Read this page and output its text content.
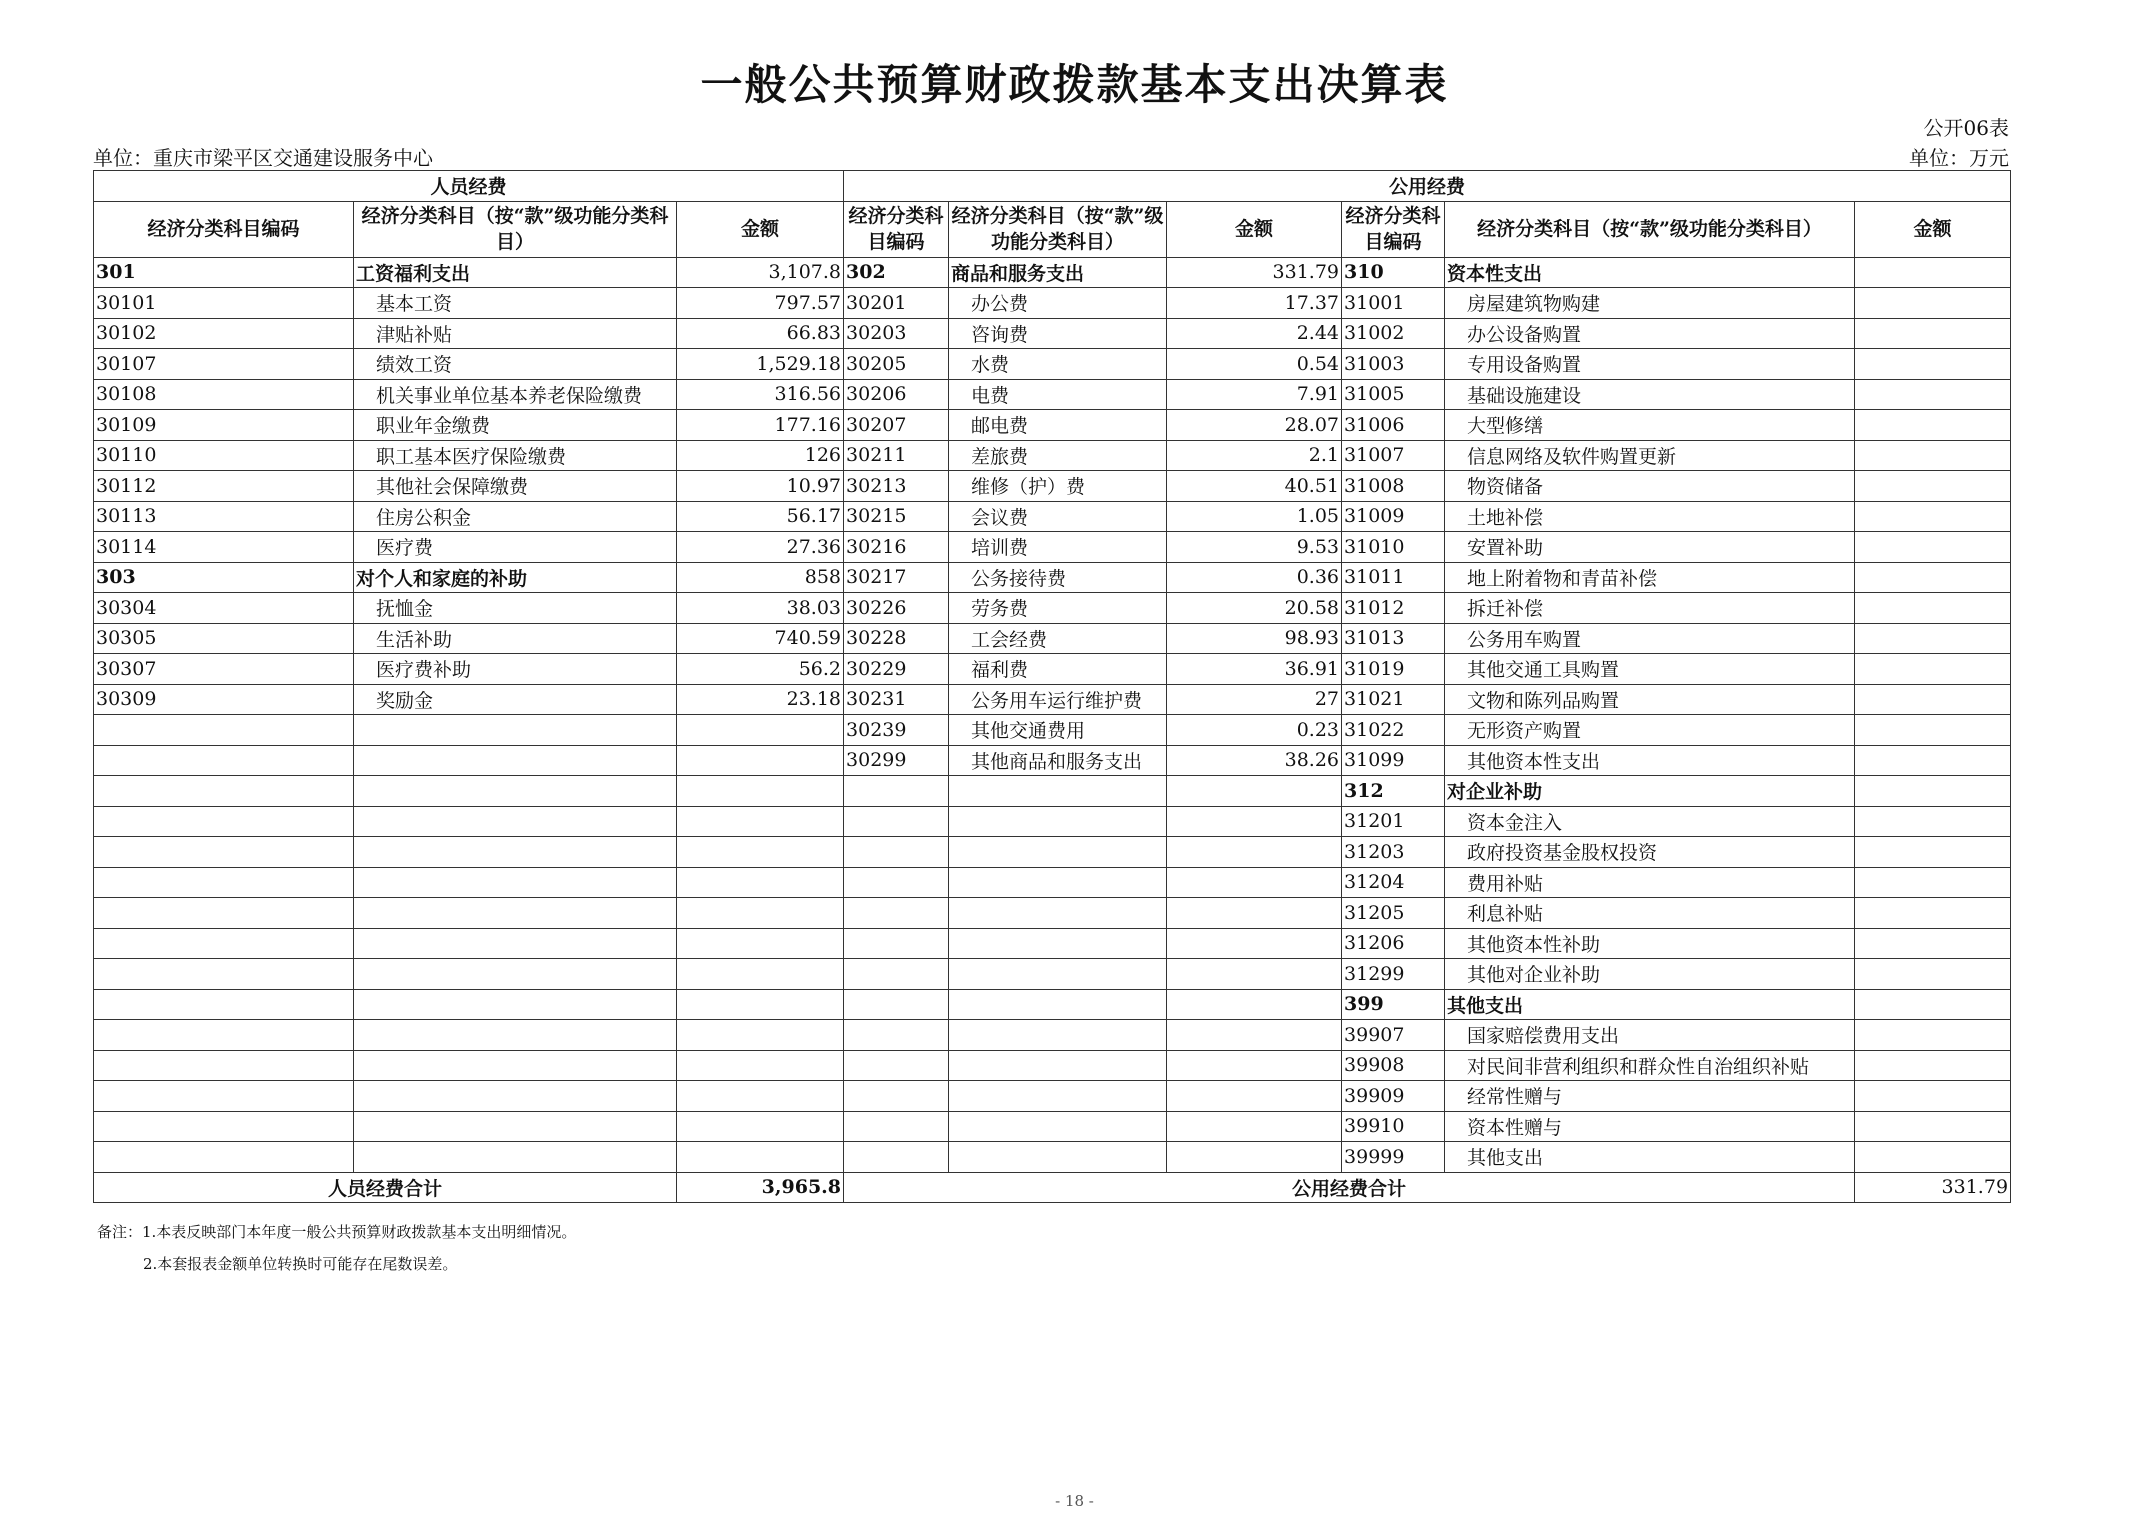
一般公共预算财政拨款基本支出决算表
公开06表
单位：重庆市梁平区交通建设服务中心	单位：万元
人员经费			公用经费					
经济分类科目编码	经济分类科目（按“款”级功能分类科目）	金额	经济分类科目编码	经济分类科目（按“款”级功能分类科目）	金额	经济分类科目编码	经济分类科目（按“款”级功能分类科目）	金额
301	工资福利支出	3,107.8	302	商品和服务支出	331.79	310	资本性支出	
30101	基本工资	797.57	30201	办公费	17.37	31001	房屋建筑物购建	
30102	津贴补贴	66.83	30203	咨询费	2.44	31002	办公设备购置	
30107	绩效工资	1,529.18	30205	水费	0.54	31003	专用设备购置	
30108	机关事业单位基本养老保险缴费	316.56	30206	电费	7.91	31005	基础设施建设	
30109	职业年金缴费	177.16	30207	邮电费	28.07	31006	大型修缮	
30110	职工基本医疗保险缴费	126	30211	差旅费	2.1	31007	信息网络及软件购置更新	
30112	其他社会保障缴费	10.97	30213	维修（护）费	40.51	31008	物资储备	
30113	住房公积金	56.17	30215	会议费	1.05	31009	土地补偿	
30114	医疗费	27.36	30216	培训费	9.53	31010	安置补助	
303	对个人和家庭的补助	858	30217	公务接待费	0.36	31011	地上附着物和青苗补偿	
30304	抚恤金	38.03	30226	劳务费	20.58	31012	拆迁补偿	
30305	生活补助	740.59	30228	工会经费	98.93	31013	公务用车购置	
30307	医疗费补助	56.2	30229	福利费	36.91	31019	其他交通工具购置	
30309	奖励金	23.18	30231	公务用车运行维护费	27	31021	文物和陈列品购置	
			30239	其他交通费用	0.23	31022	无形资产购置	
			30299	其他商品和服务支出	38.26	31099	其他资本性支出	
						312	对企业补助	
						31201	资本金注入	
						31203	政府投资基金股权投资	
						31204	费用补贴	
						31205	利息补贴	
						31206	其他资本性补助	
						31299	其他对企业补助	
						399	其他支出	
						39907	国家赔偿费用支出	
						39908	对民间非营利组织和群众性自治组织补贴	
						39909	经常性赠与	
						39910	资本性赠与	
						39999	其他支出	
人员经费合计		3,965.8	公用经费合计					331.79
备注：1.本表反映部门本年度一般公共预算财政拨款基本支出明细情况。
2.本套报表金额单位转换时可能存在尾数误差。
- 18 -
